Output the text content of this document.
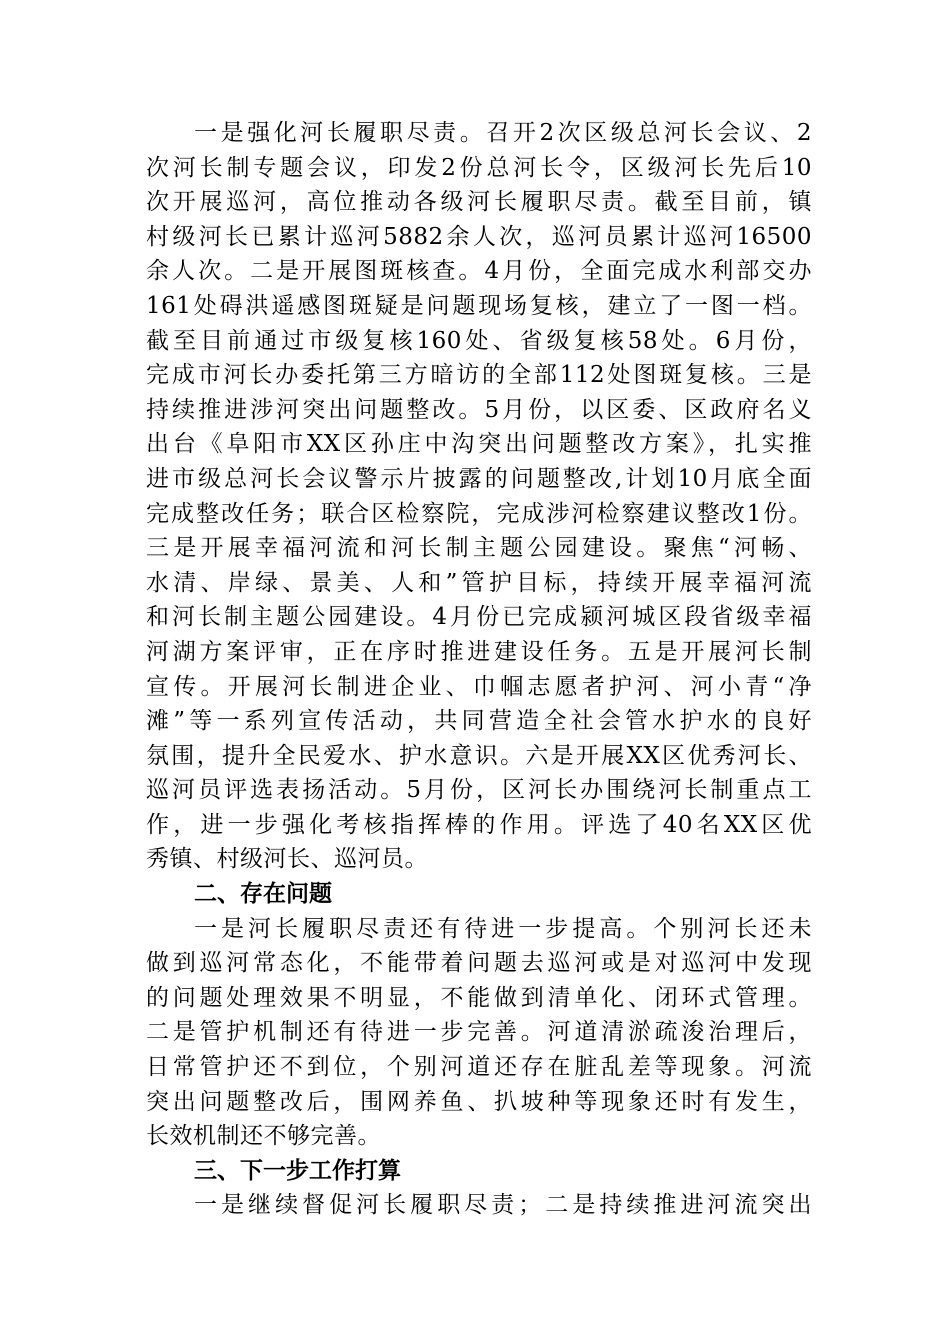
一是强化河长履职尽责。召开2次区级总河长会议、2
次河长制专题会议，印发2份总河长令，区级河长先后10
次开展巡河，高位推动各级河长履职尽责。截至目前，镇
村级河长已累计巡河5882余人次，巡河员累计巡河16500
余人次。二是开展图斑核查。4月份，全面完成水利部交办
161处碍洪遥感图斑疑是问题现场复核，建立了一图一档。
截至目前通过市级复核160处、省级复核58处。6月份，
完成市河长办委托第三方暗访的全部112处图斑复核。三是
持续推进涉河突出问题整改。5月份，以区委、区政府名义
出台《阜阳市XX区孙庄中沟突出问题整改方案》，扎实推
进市级总河长会议警示片披露的问题整改,计划10月底全面
完成整改任务；联合区检察院，完成涉河检察建议整改1份。
三是开展幸福河流和河长制主题公园建设。聚焦“河畅、
水清、岸绿、景美、人和”管护目标，持续开展幸福河流
和河长制主题公园建设。4月份已完成颍河城区段省级幸福
河湖方案评审，正在序时推进建设任务。五是开展河长制
宣传。开展河长制进企业、巾帼志愿者护河、河小青“净
滩”等一系列宣传活动，共同营造全社会管水护水的良好
氛围，提升全民爱水、护水意识。六是开展XX区优秀河长、
巡河员评选表扬活动。5月份，区河长办围绕河长制重点工
作，进一步强化考核指挥棒的作用。评选了40名XX区优
秀镇、村级河长、巡河员。
二、存在问题
一是河长履职尽责还有待进一步提高。个别河长还未
做到巡河常态化，不能带着问题去巡河或是对巡河中发现
的问题处理效果不明显，不能做到清单化、闭环式管理。
二是管护机制还有待进一步完善。河道清淤疏浚治理后，
日常管护还不到位，个别河道还存在脏乱差等现象。河流
突出问题整改后，围网养鱼、扒坡种等现象还时有发生，
长效机制还不够完善。
三、下一步工作打算
一是继续督促河长履职尽责；二是持续推进河流突出
